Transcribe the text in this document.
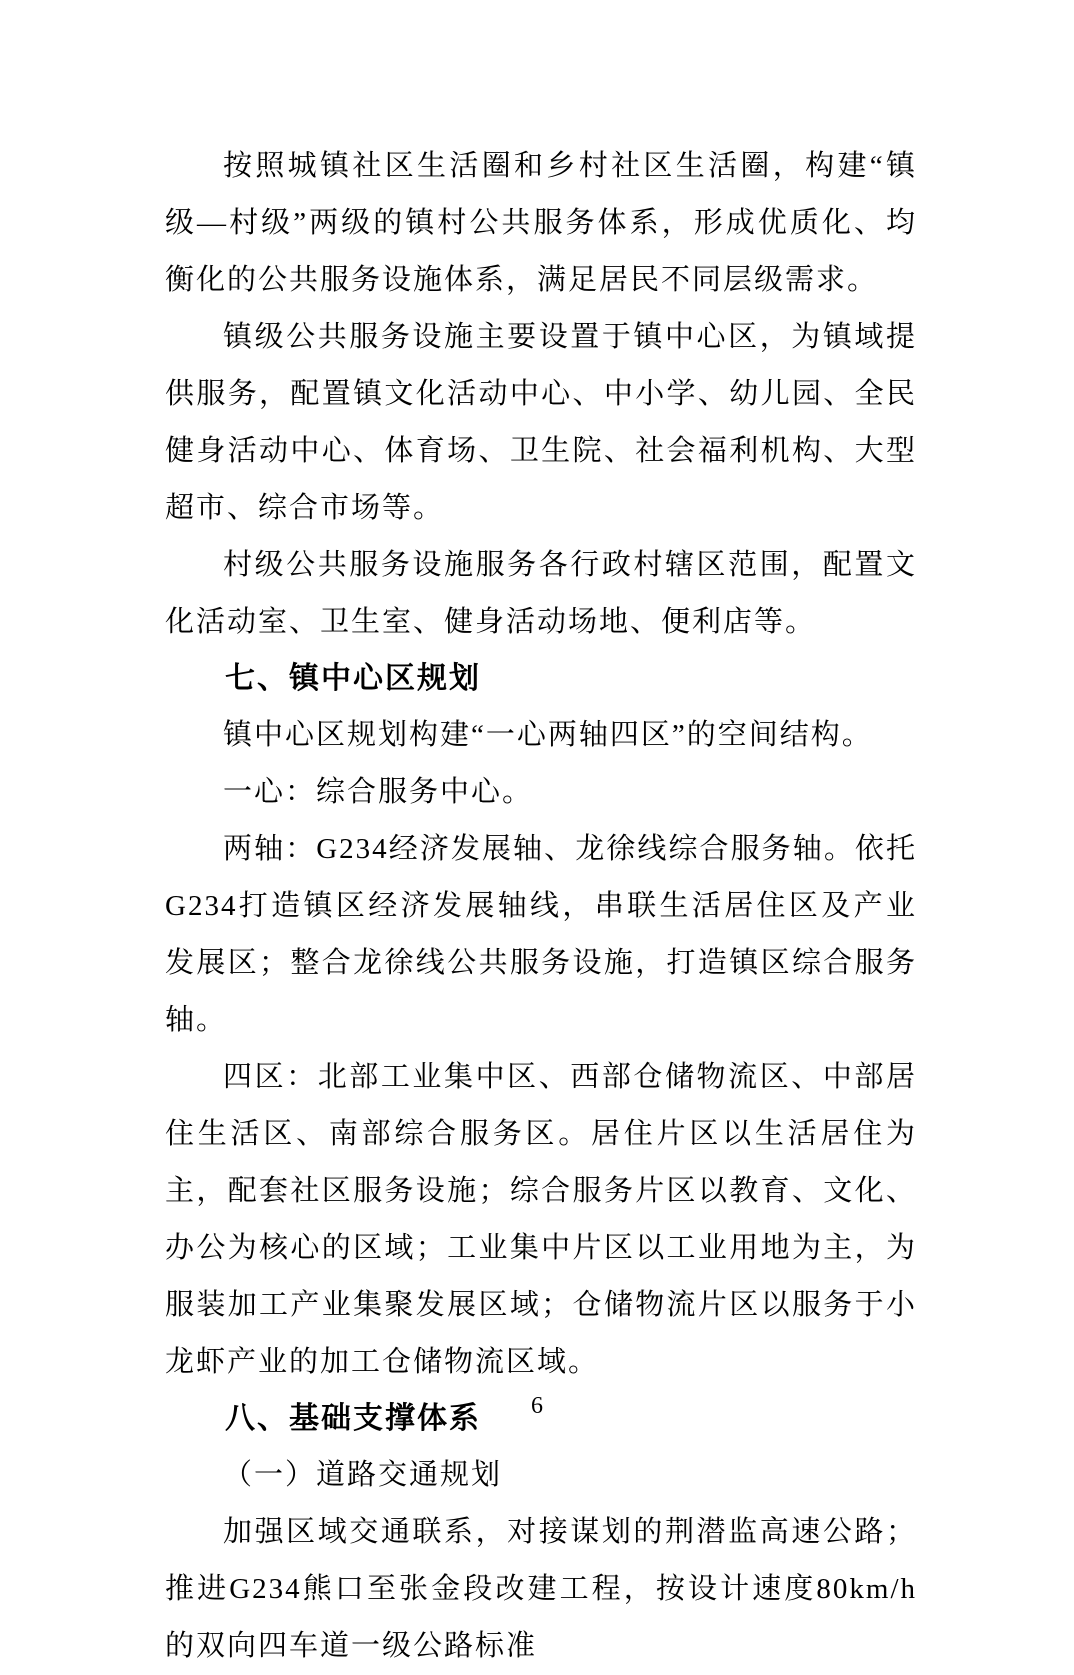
按照城镇社区生活圈和乡村社区生活圈，构建“镇级—村级”两级的镇村公共服务体系，形成优质化、均衡化的公共服务设施体系，满足居民不同层级需求。

镇级公共服务设施主要设置于镇中心区，为镇域提供服务，配置镇文化活动中心、中小学、幼儿园、全民健身活动中心、体育场、卫生院、社会福利机构、大型超市、综合市场等。

村级公共服务设施服务各行政村辖区范围，配置文化活动室、卫生室、健身活动场地、便利店等。

七、镇中心区规划

镇中心区规划构建“一心两轴四区”的空间结构。

一心：综合服务中心。

两轴：G234经济发展轴、龙徐线综合服务轴。依托G234打造镇区经济发展轴线，串联生活居住区及产业发展区；整合龙徐线公共服务设施，打造镇区综合服务轴。

四区：北部工业集中区、西部仓储物流区、中部居住生活区、南部综合服务区。居住片区以生活居住为主，配套社区服务设施；综合服务片区以教育、文化、办公为核心的区域；工业集中片区以工业用地为主，为服装加工产业集聚发展区域；仓储物流片区以服务于小龙虾产业的加工仓储物流区域。

八、基础支撑体系

（一）道路交通规划

加强区域交通联系，对接谋划的荆潜监高速公路；推进G234熊口至张金段改建工程，按设计速度80km/h的双向四车道一级公路标准

6
